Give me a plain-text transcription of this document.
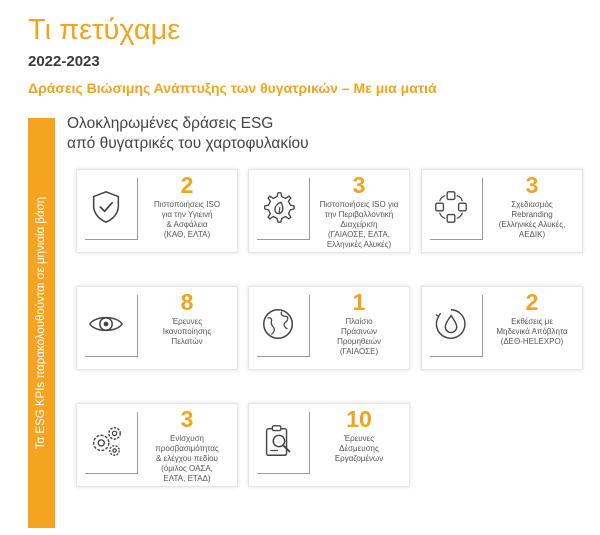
Τι πετύχαμε
2022-2023
Δράσεις Βιώσιμης Ανάπτυξης των θυγατρικών – Με μια ματιά
Τα ESG KPIs παρακολουθούνται σε μηνιαία βάση
Ολοκληρωμένες δράσεις ESG
από θυγατρικές του χαρτοφυλακίου
2
Πιστοποιήσεις ISO
για την Υγιεινή
& Ασφάλεια
(ΚΑΘ, ΕΛΤΑ)
3
Πιστοποιήσεις ISO για
την Περιβαλλοντική
Διαχείριση
(ΓΑΙΑΟΣΕ, ΕΛΤΑ,
Ελληνικές Αλυκές)
3
Σχεδιασμός
Rebranding
(Ελληνικές Αλυκές,
ΑΕΔΙΚ)
8
Έρευνες
Ικανοποίησης
Πελατών
1
Πλαίσιο
Πράσινων
Προμηθειών
(ΓΑΙΑΟΣΕ)
2
Εκθέσεις με
Μηδενικά Απόβλητα
(ΔΕΘ-HELEXPO)
3
Ενίσχυση
προσβασιμότητας
& ελέγχου πεδίου
(όμιλος ΟΑΣΑ,
ΕΛΤΑ, ΕΤΑΔ)
10
Έρευνες
Δέσμευσης
Εργαζομένων
